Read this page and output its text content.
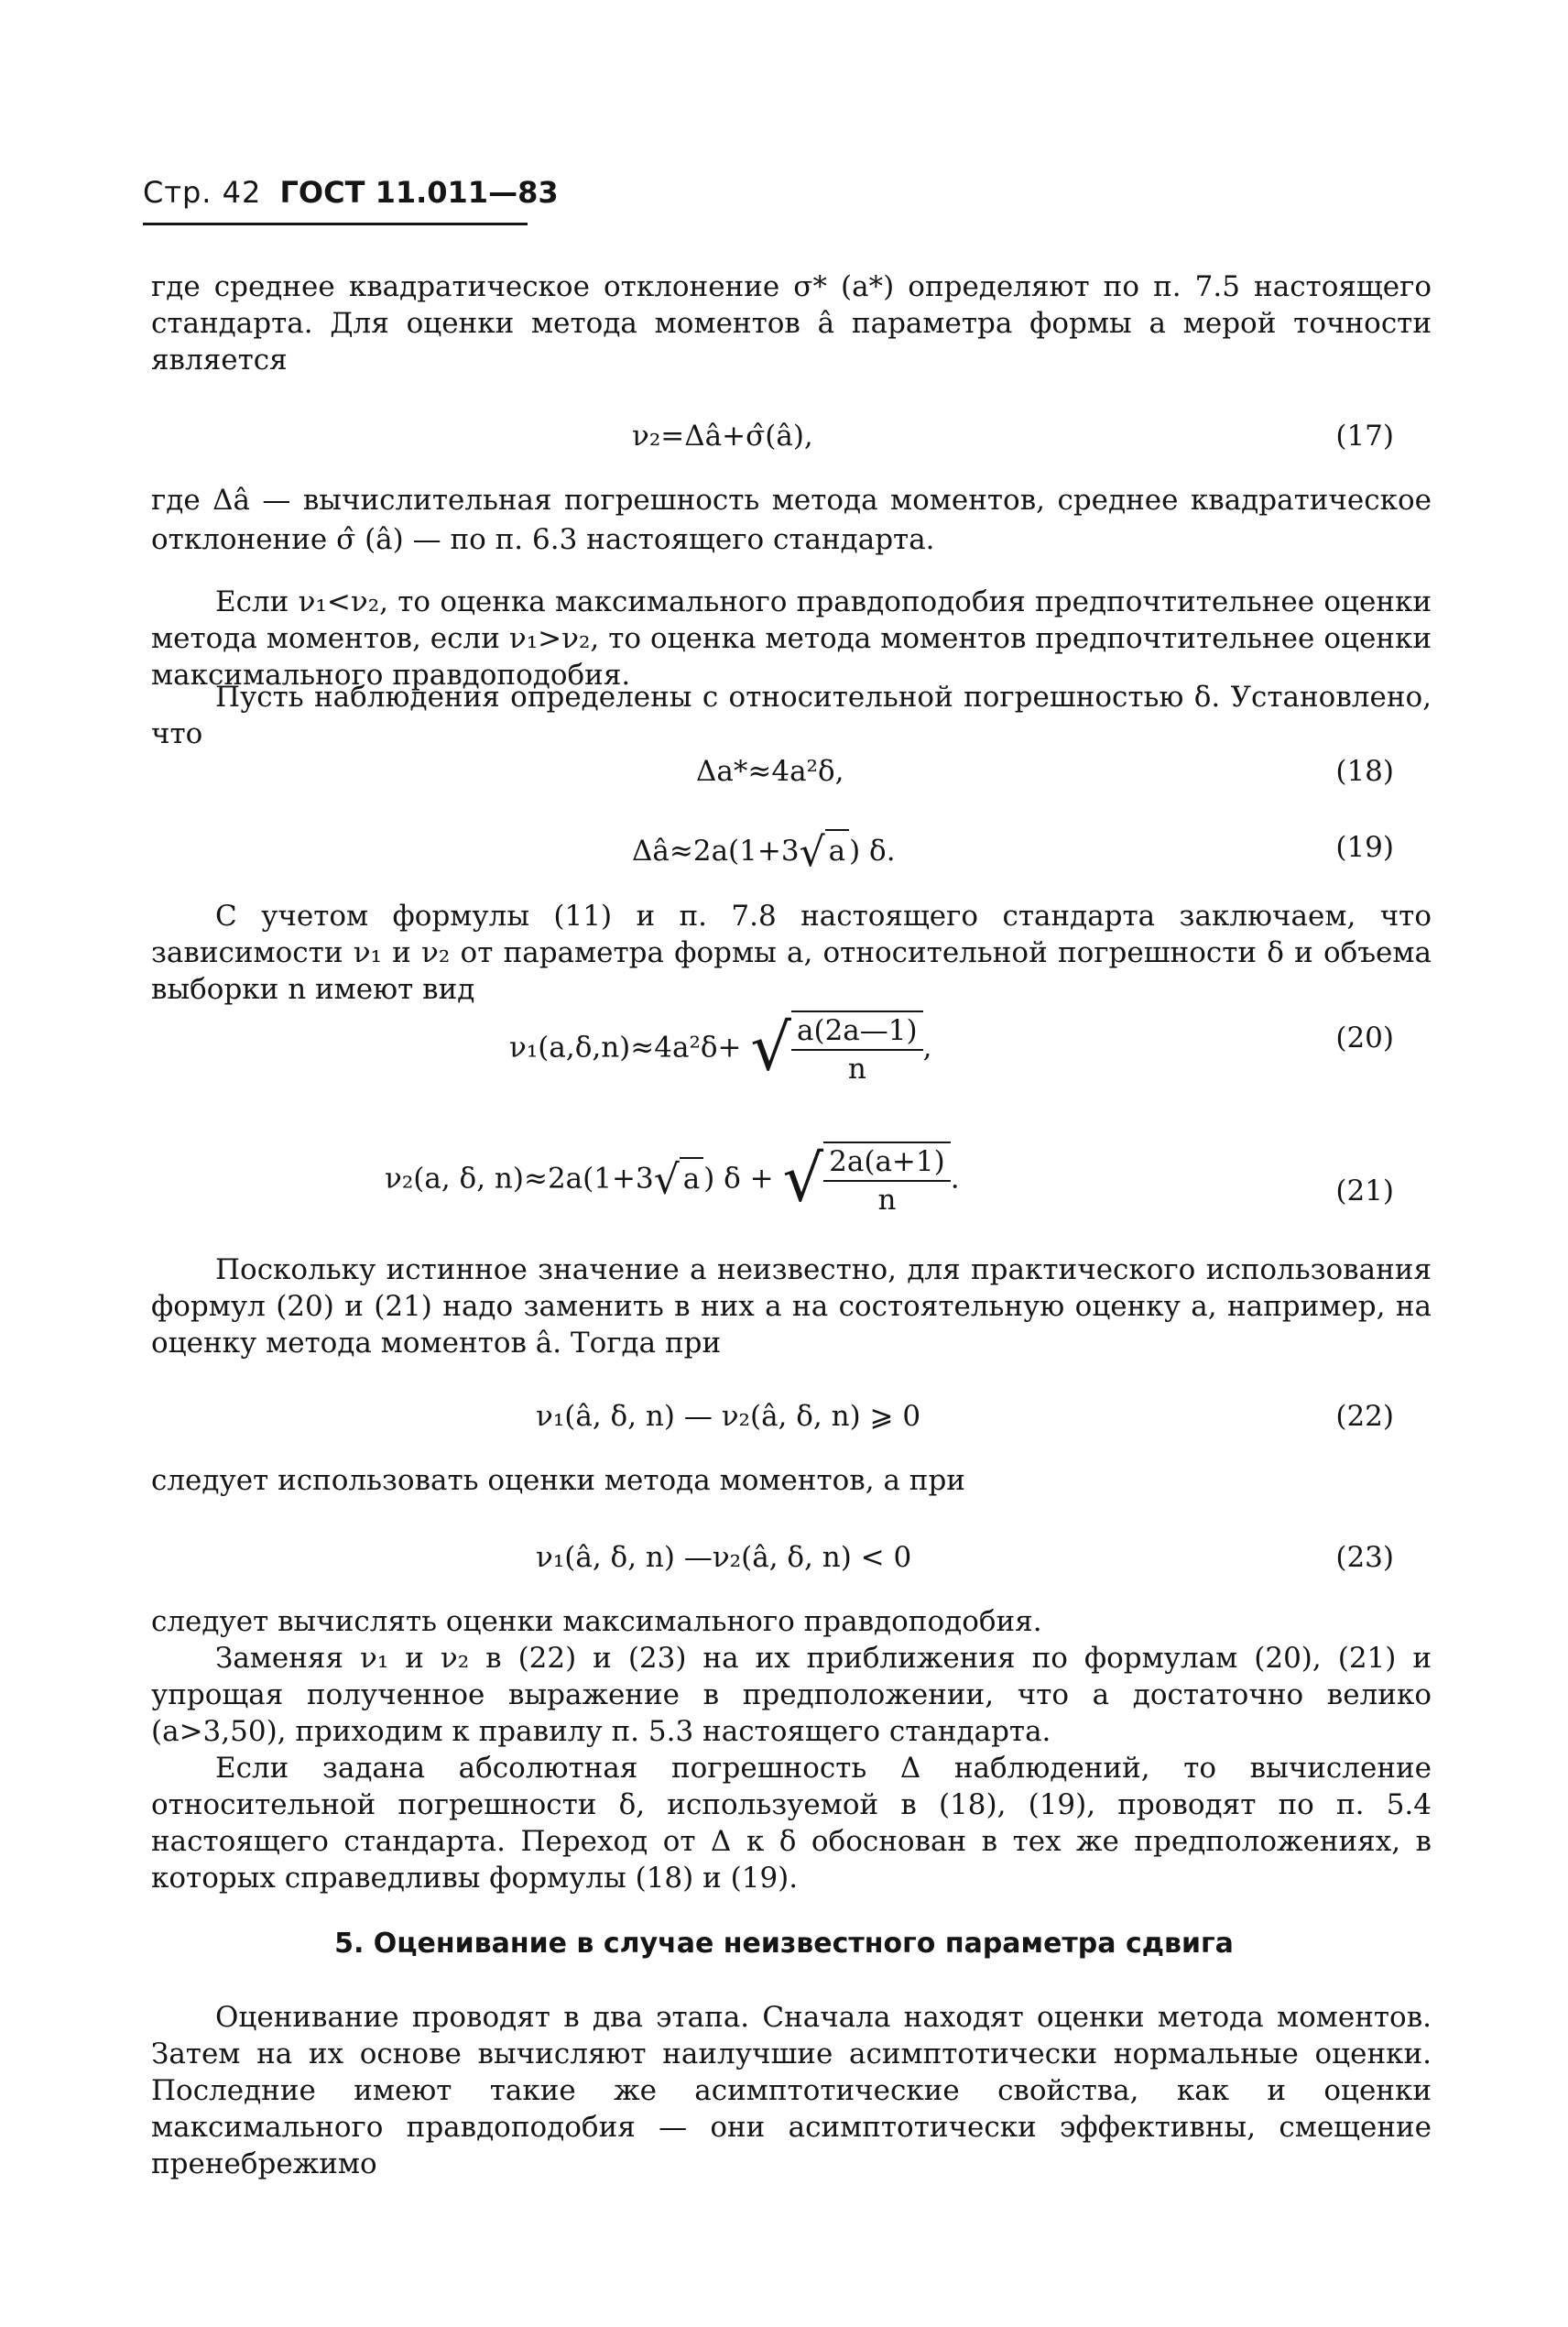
Стр. 42 ГОСТ 11.011—83
где среднее квадратическое отклонение σ* (a*) определяют по п. 7.5 настоящего стандарта. Для оценки метода моментов â параметра формы a мерой точности является
ν₂=Δâ+σ̂(â),	(17)
где Δâ — вычислительная погрешность метода моментов, среднее квадратическое отклонение σ̂ (â) — по п. 6.3 настоящего стандарта.
Если ν₁<ν₂, то оценка максимального правдоподобия предпочтительнее оценки метода моментов, если ν₁>ν₂, то оценка метода моментов предпочтительнее оценки максимального правдоподобия.
Пусть наблюдения определены с относительной погрешностью δ. Установлено, что
Δa*≈4a²δ,	(18)
Δâ≈2a(1+3√ a ) δ.	(19)
С учетом формулы (11) и п. 7.8 настоящего стандарта заключаем, что зависимости ν₁ и ν₂ от параметра формы a, относительной погрешности δ и объема выборки n имеют вид
ν₁(a,δ,n)≈4a²δ+ √ $\frac{a(2a—1)}{n}$ ,	(20)
ν₂(a, δ, n)≈2a(1+3√ a ) δ + √ $\frac{2a(a+1)}{n}$ .	(21)
Поскольку истинное значение a неизвестно, для практического использования формул (20) и (21) надо заменить в них a на состоятельную оценку a, например, на оценку метода моментов â. Тогда при
ν₁(â, δ, n) — ν₂(â, δ, n) ⩾ 0	(22)
следует использовать оценки метода моментов, а при
ν₁(â, δ, n) —ν₂(â, δ, n) < 0	(23)
следует вычислять оценки максимального правдоподобия.
Заменяя ν₁ и ν₂ в (22) и (23) на их приближения по формулам (20), (21) и упрощая полученное выражение в предположении, что a достаточно велико (a>3,50), приходим к правилу п. 5.3 настоящего стандарта.
Если задана абсолютная погрешность Δ наблюдений, то вычисление относительной погрешности δ, используемой в (18), (19), проводят по п. 5.4 настоящего стандарта. Переход от Δ к δ обоснован в тех же предположениях, в которых справедливы формулы (18) и (19).
5. Оценивание в случае неизвестного параметра сдвига
Оценивание проводят в два этапа. Сначала находят оценки метода моментов. Затем на их основе вычисляют наилучшие асимптотически нормальные оценки. Последние имеют такие же асимптотические свойства, как и оценки максимального правдоподобия — они асимптотически эффективны, смещение пренебрежимо
